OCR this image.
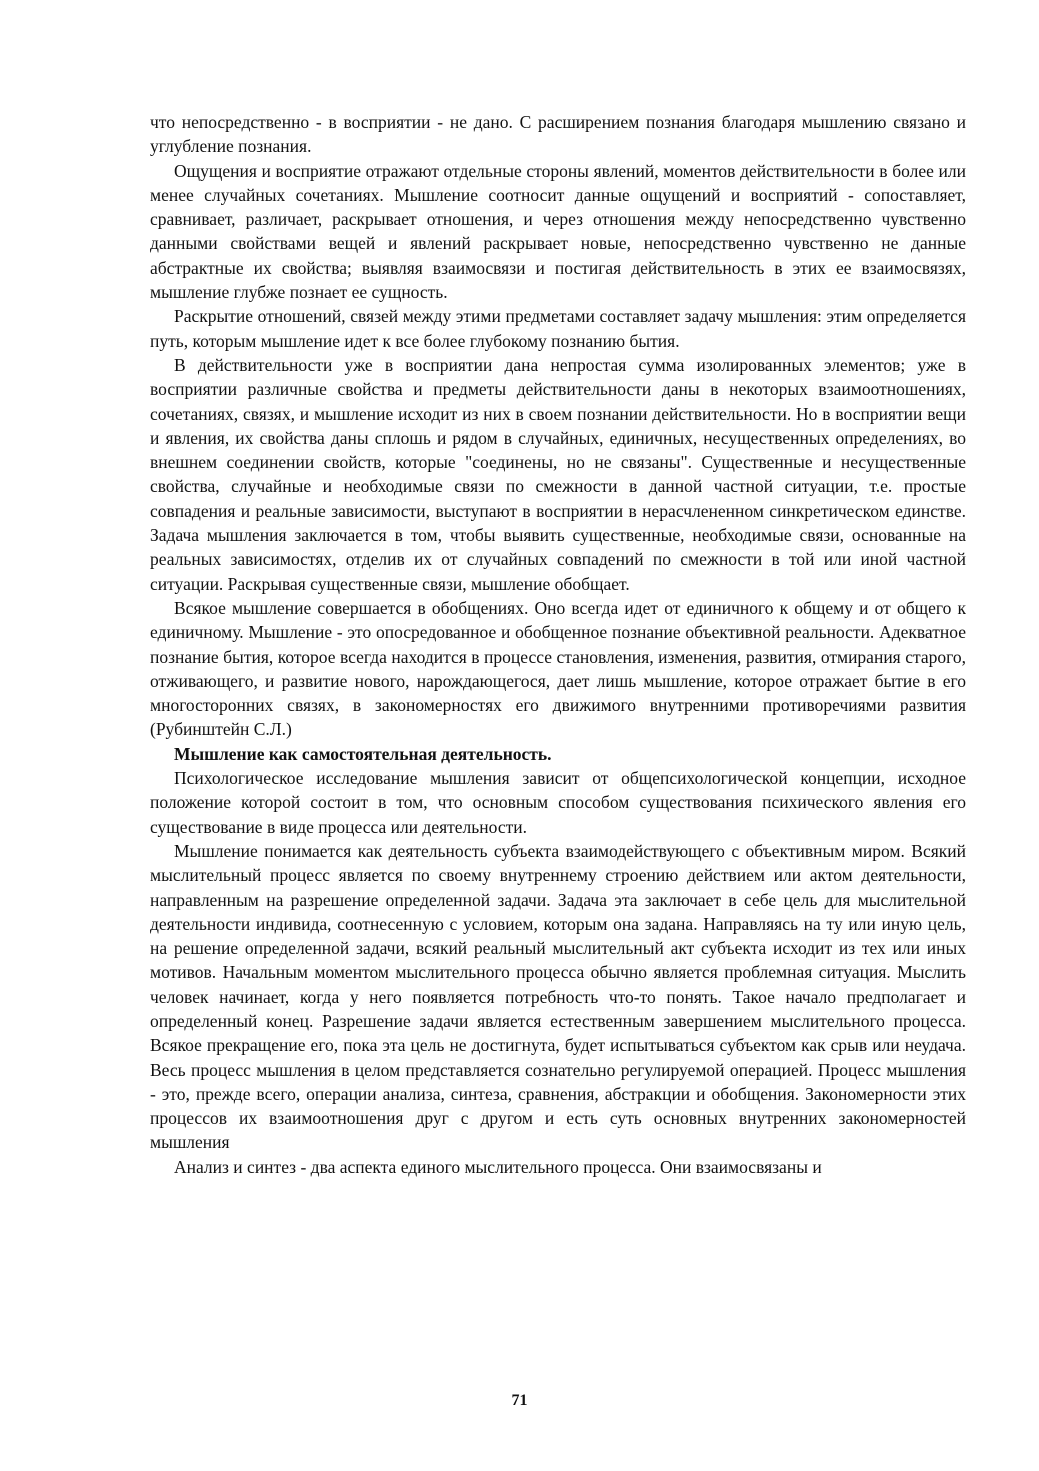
что непосредственно - в восприятии - не дано. С расширением познания благодаря мышлению связано и углубление познания.

Ощущения и восприятие отражают отдельные стороны явлений, моментов действительности в более или менее случайных сочетаниях. Мышление соотносит данные ощущений и восприятий - сопоставляет, сравнивает, различает, раскрывает отношения, и через отношения между непосредственно чувственно данными свойствами вещей и явлений раскрывает новые, непосредственно чувственно не данные абстрактные их свойства; выявляя взаимосвязи и постигая действительность в этих ее взаимосвязях, мышление глубже познает ее сущность.

Раскрытие отношений, связей между этими предметами составляет задачу мышления: этим определяется путь, которым мышление идет к все более глубокому познанию бытия.

В действительности уже в восприятии дана непростая сумма изолированных элементов; уже в восприятии различные свойства и предметы действительности даны в некоторых взаимоотношениях, сочетаниях, связях, и мышление исходит из них в своем познании действительности. Но в восприятии вещи и явления, их свойства даны сплошь и рядом в случайных, единичных, несущественных определениях, во внешнем соединении свойств, которые "соединены, но не связаны". Существенные и несущественные свойства, случайные и необходимые связи по смежности в данной частной ситуации, т.е. простые совпадения и реальные зависимости, выступают в восприятии в нерасчлененном синкретическом единстве. Задача мышления заключается в том, чтобы выявить существенные, необходимые связи, основанные на реальных зависимостях, отделив их от случайных совпадений по смежности в той или иной частной ситуации. Раскрывая существенные связи, мышление обобщает.

Всякое мышление совершается в обобщениях. Оно всегда идет от единичного к общему и от общего к единичному. Мышление - это опосредованное и обобщенное познание объективной реальности. Адекватное познание бытия, которое всегда находится в процессе становления, изменения, развития, отмирания старого, отживающего, и развитие нового, нарождающегося, дает лишь мышление, которое отражает бытие в его многосторонних связях, в закономерностях его движимого внутренними противоречиями развития (Рубинштейн С.Л.)

Мышление как самостоятельная деятельность.

Психологическое исследование мышления зависит от общепсихологической концепции, исходное положение которой состоит в том, что основным способом существования психического явления его существование в виде процесса или деятельности.

Мышление понимается как деятельность субъекта взаимодействующего с объективным миром. Всякий мыслительный процесс является по своему внутреннему строению действием или актом деятельности, направленным на разрешение определенной задачи. Задача эта заключает в себе цель для мыслительной деятельности индивида, соотнесенную с условием, которым она задана. Направляясь на ту или иную цель, на решение определенной задачи, всякий реальный мыслительный акт субъекта исходит из тех или иных мотивов. Начальным моментом мыслительного процесса обычно является проблемная ситуация. Мыслить человек начинает, когда у него появляется потребность что-то понять. Такое начало предполагает и определенный конец. Разрешение задачи является естественным завершением мыслительного процесса. Всякое прекращение его, пока эта цель не достигнута, будет испытываться субъектом как срыв или неудача. Весь процесс мышления в целом представляется сознательно регулируемой операцией. Процесс мышления - это, прежде всего, операции анализа, синтеза, сравнения, абстракции и обобщения. Закономерности этих процессов их взаимоотношения друг с другом и есть суть основных внутренних закономерностей мышления

Анализ и синтез - два аспекта единого мыслительного процесса. Они взаимосвязаны и

71
